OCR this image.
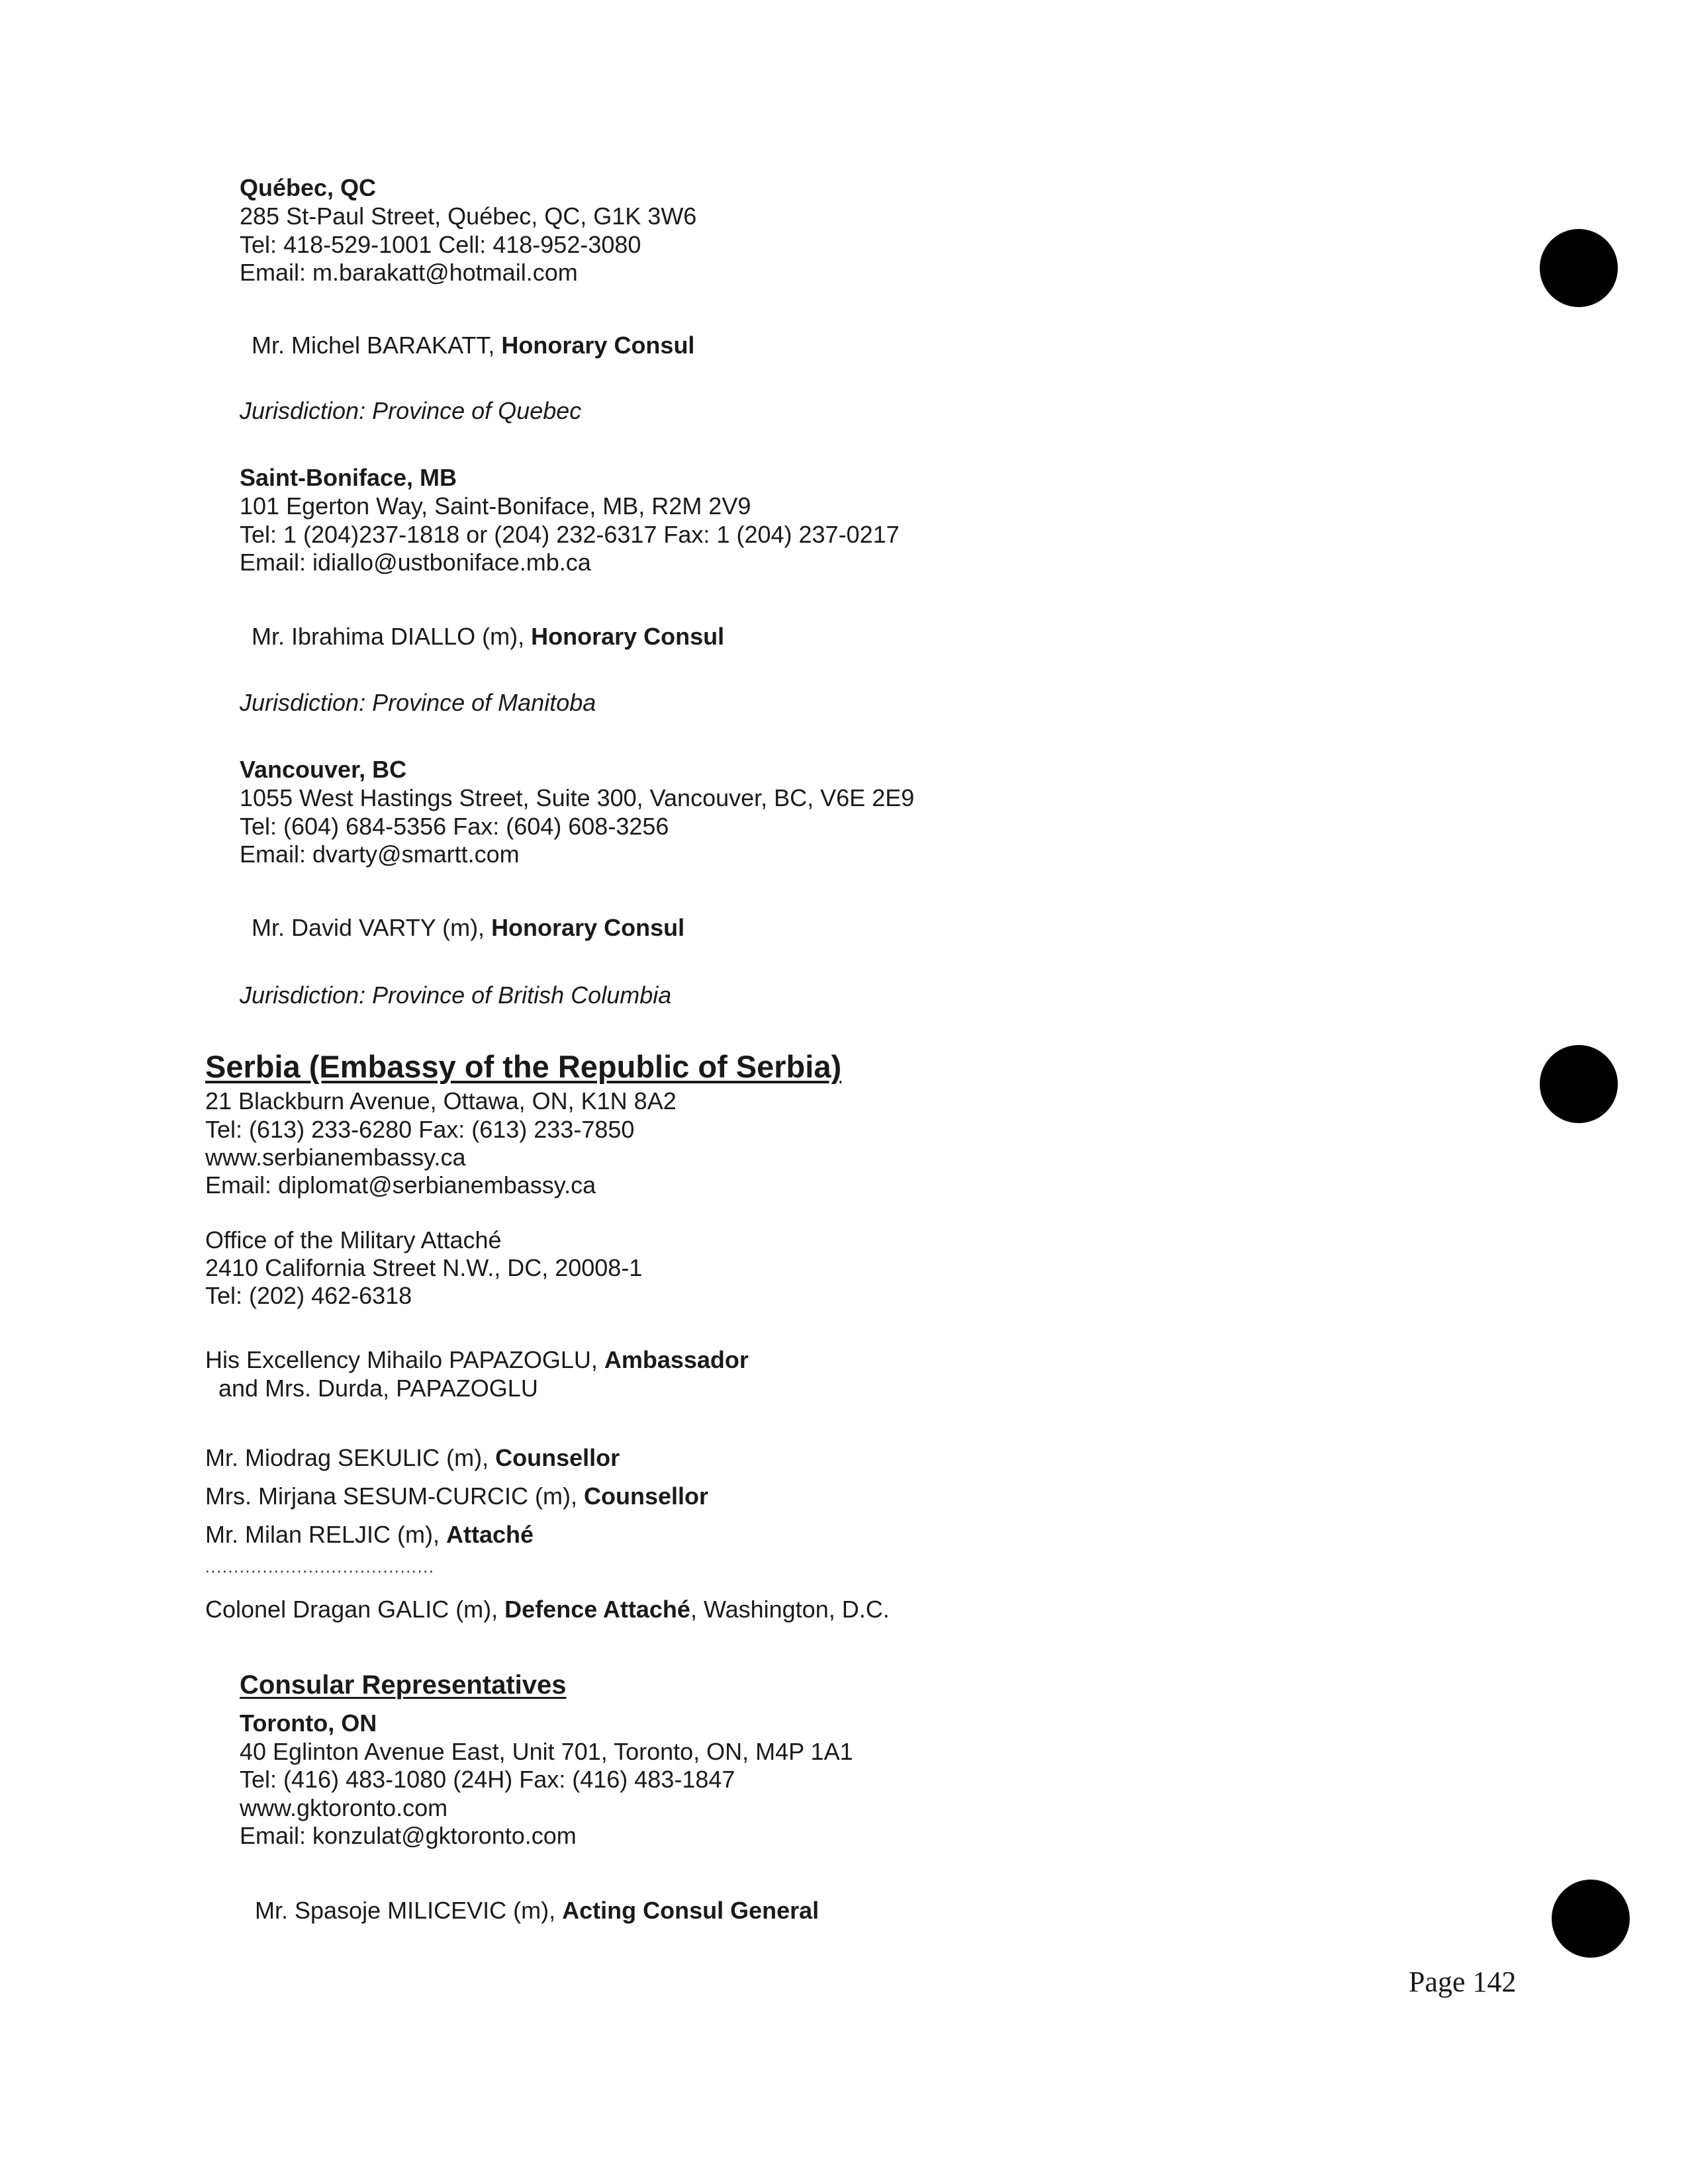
Québec, QC
285 St-Paul Street, Québec, QC, G1K 3W6
Tel: 418-529-1001 Cell: 418-952-3080
Email: m.barakatt@hotmail.com
Mr. Michel BARAKATT, Honorary Consul
Jurisdiction: Province of Quebec
Saint-Boniface, MB
101 Egerton Way, Saint-Boniface, MB, R2M 2V9
Tel: 1 (204)237-1818 or (204) 232-6317 Fax: 1 (204) 237-0217
Email: idiallo@ustboniface.mb.ca
Mr. Ibrahima DIALLO (m), Honorary Consul
Jurisdiction: Province of Manitoba
Vancouver, BC
1055 West Hastings Street, Suite 300, Vancouver, BC, V6E 2E9
Tel: (604) 684-5356 Fax: (604) 608-3256
Email: dvarty@smartt.com
Mr. David VARTY (m), Honorary Consul
Jurisdiction: Province of British Columbia
Serbia (Embassy of the Republic of Serbia)
21 Blackburn Avenue, Ottawa, ON, K1N 8A2
Tel: (613) 233-6280 Fax: (613) 233-7850
www.serbianembassy.ca
Email: diplomat@serbianembassy.ca
Office of the Military Attaché
2410 California Street N.W., DC, 20008-1
Tel: (202) 462-6318
His Excellency Mihailo PAPAZOGLU, Ambassador
and Mrs. Durda, PAPAZOGLU
Mr. Miodrag SEKULIC (m), Counsellor
Mrs. Mirjana SESUM-CURCIC (m), Counsellor
Mr. Milan RELJIC (m), Attaché
........................................
Colonel Dragan GALIC (m), Defence Attaché, Washington, D.C.
Consular Representatives
Toronto, ON
40 Eglinton Avenue East, Unit 701, Toronto, ON, M4P 1A1
Tel: (416) 483-1080 (24H) Fax: (416) 483-1847
www.gktoronto.com
Email: konzulat@gktoronto.com
Mr. Spasoje MILICEVIC (m), Acting Consul General
Page 142
